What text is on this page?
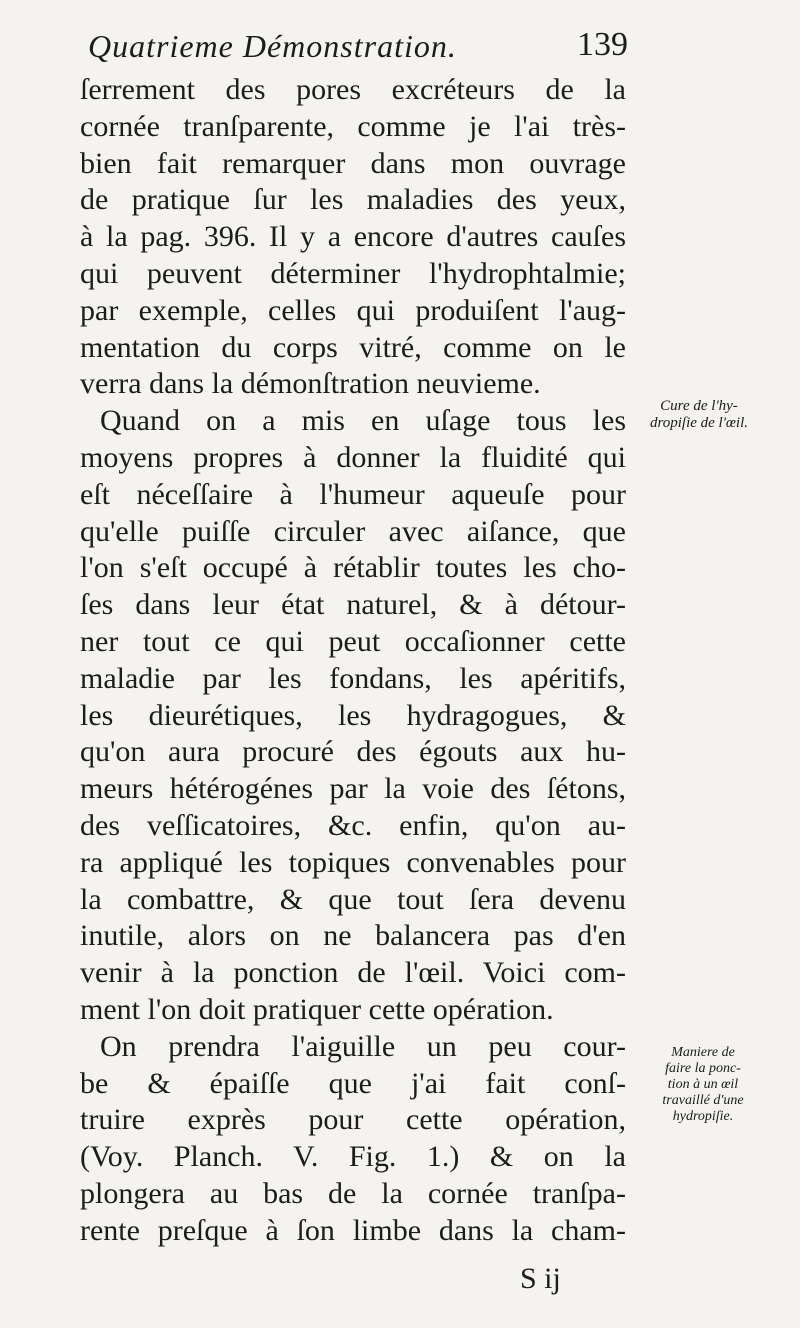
Quatrieme Démonstration.	139
ſerrement des pores excréteurs de la
cornée tranſparente, comme je l'ai très-
bien fait remarquer dans mon ouvrage
de pratique ſur les maladies des yeux,
à la pag. 396. Il y a encore d'autres cauſes
qui peuvent déterminer l'hydrophtalmie;
par exemple, celles qui produiſent l'aug-
mentation du corps vitré, comme on le
verra dans la démonſtration neuvieme.
Quand on a mis en uſage tous les
moyens propres à donner la fluidité qui
eſt néceſſaire à l'humeur aqueuſe pour
qu'elle puiſſe circuler avec aiſance, que
l'on s'eſt occupé à rétablir toutes les cho-
ſes dans leur état naturel, & à détour-
ner tout ce qui peut occaſionner cette
maladie par les fondans, les apéritifs,
les dieurétiques, les hydragogues, &
qu'on aura procuré des égouts aux hu-
meurs hétérogénes par la voie des ſétons,
des veſſicatoires, &c. enfin, qu'on au-
ra appliqué les topiques convenables pour
la combattre, & que tout ſera devenu
inutile, alors on ne balancera pas d'en
venir à la ponction de l'œil. Voici com-
ment l'on doit pratiquer cette opération.
On prendra l'aiguille un peu cour-
be & épaiſſe que j'ai fait conſ-
truire exprès pour cette opération,
(Voy. Planch. V. Fig. 1.) & on la
plongera au bas de la cornée tranſpa-
rente preſque à ſon limbe dans la cham-
Cure de l'hy-
dropiſie de l'œil.
Maniere de
faire la ponc-
tion à un œil
travaillé d'une
hydropiſie.
S ij
